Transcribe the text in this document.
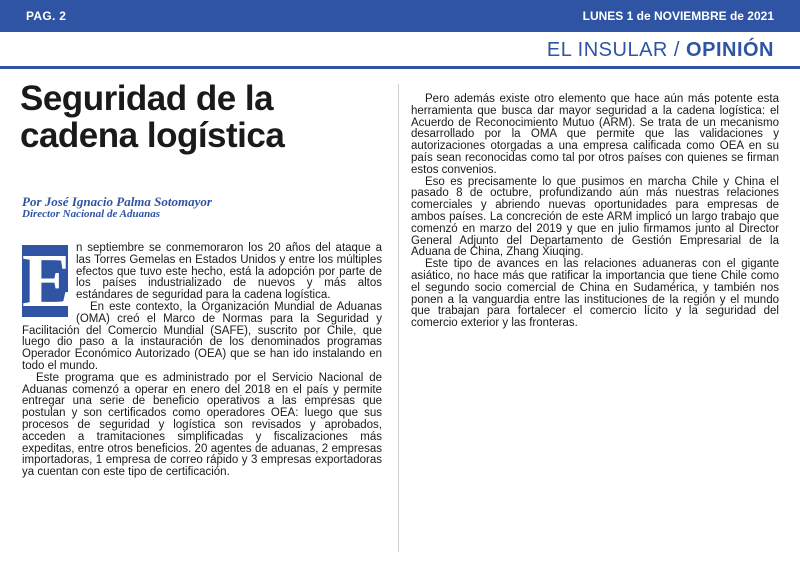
PAG. 2	LUNES 1 de NOVIEMBRE de 2021
EL INSULAR / OPINIÓN
Seguridad de la cadena logística
Por José Ignacio Palma Sotomayor
Director Nacional de Aduanas
E n septiembre se conmemoraron los 20 años del ataque a las Torres Gemelas en Estados Unidos y entre los múltiples efectos que tuvo este hecho, está la adopción por parte de los países industrializado de nuevos y más altos estándares de seguridad para la cadena logística.

En este contexto, la Organización Mundial de Aduanas (OMA) creó el Marco de Normas para la Seguridad y Facilitación del Comercio Mundial (SAFE), suscrito por Chile, que luego dio paso a la instauración de los denominados programas Operador Económico Autorizado (OEA) que se han ido instalando en todo el mundo.

Este programa que es administrado por el Servicio Nacional de Aduanas comenzó a operar en enero del 2018 en el país y permite entregar una serie de beneficio operativos a las empresas que postulan y son certificados como operadores OEA: luego que sus procesos de seguridad y logística son revisados y aprobados, acceden a tramitaciones simplificadas y fiscalizaciones más expeditas, entre otros beneficios. 20 agentes de aduanas, 2 empresas importadoras, 1 empresa de correo rápido y 3 empresas exportadoras ya cuentan con este tipo de certificación.

Pero además existe otro elemento que hace aún más potente esta herramienta que busca dar mayor seguridad a la cadena logística: el Acuerdo de Reconocimiento Mutuo (ARM). Se trata de un mecanismo desarrollado por la OMA que permite que las validaciones y autorizaciones otorgadas a una empresa calificada como OEA en su país sean reconocidas como tal por otros países con quienes se firman estos convenios.

Eso es precisamente lo que pusimos en marcha Chile y China el pasado 8 de octubre, profundizando aún más nuestras relaciones comerciales y abriendo nuevas oportunidades para empresas de ambos países. La concreción de este ARM implicó un largo trabajo que comenzó en marzo del 2019 y que en julio firmamos junto al Director General Adjunto del Departamento de Gestión Empresarial de la Aduana de China, Zhang Xiuqing.

Este tipo de avances en las relaciones aduaneras con el gigante asiático, no hace más que ratificar la importancia que tiene Chile como el segundo socio comercial de China en Sudamérica, y también nos ponen a la vanguardia entre las instituciones de la región y el mundo que trabajan para fortalecer el comercio lícito y la seguridad del comercio exterior y las fronteras.
